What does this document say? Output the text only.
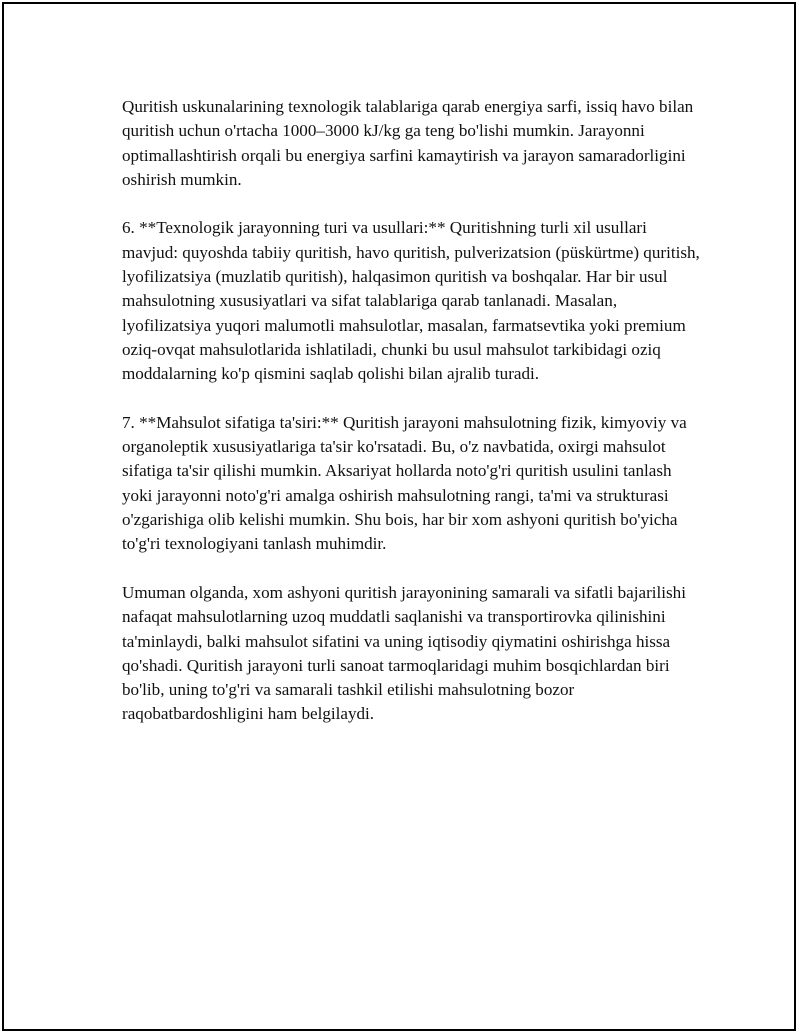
Quritish uskunalarining texnologik talablariga qarab energiya sarfi, issiq havo bilan quritish uchun o'rtacha 1000–3000 kJ/kg ga teng bo'lishi mumkin. Jarayonni optimallashtirish orqali bu energiya sarfini kamaytirish va jarayon samaradorligini oshirish mumkin.

6. **Texnologik jarayonning turi va usullari:** Quritishning turli xil usullari mavjud: quyoshda tabiiy quritish, havo quritish, pulverizatsion (püskürtme) quritish, lyofilizatsiya (muzlatib quritish), halqasimon quritish va boshqalar. Har bir usul mahsulotning xususiyatlari va sifat talablariga qarab tanlanadi. Masalan, lyofilizatsiya yuqori malumotli mahsulotlar, masalan, farmatsevtika yoki premium oziq-ovqat mahsulotlarida ishlatiladi, chunki bu usul mahsulot tarkibidagi oziq moddalarning ko'p qismini saqlab qolishi bilan ajralib turadi.

7. **Mahsulot sifatiga ta'siri:** Quritish jarayoni mahsulotning fizik, kimyoviy va organoleptik xususiyatlariga ta'sir ko'rsatadi. Bu, o'z navbatida, oxirgi mahsulot sifatiga ta'sir qilishi mumkin. Aksariyat hollarda noto'g'ri quritish usulini tanlash yoki jarayonni noto'g'ri amalga oshirish mahsulotning rangi, ta'mi va strukturasi o'zgarishiga olib kelishi mumkin. Shu bois, har bir xom ashyoni quritish bo'yicha to'g'ri texnologiyani tanlash muhimdir.

Umuman olganda, xom ashyoni quritish jarayonining samarali va sifatli bajarilishi nafaqat mahsulotlarning uzoq muddatli saqlanishi va transportirovka qilinishini ta'minlaydi, balki mahsulot sifatini va uning iqtisodiy qiymatini oshirishga hissa qo'shadi. Quritish jarayoni turli sanoat tarmoqlaridagi muhim bosqichlardan biri bo'lib, uning to'g'ri va samarali tashkil etilishi mahsulotning bozor raqobatbardoshligini ham belgilaydi.
